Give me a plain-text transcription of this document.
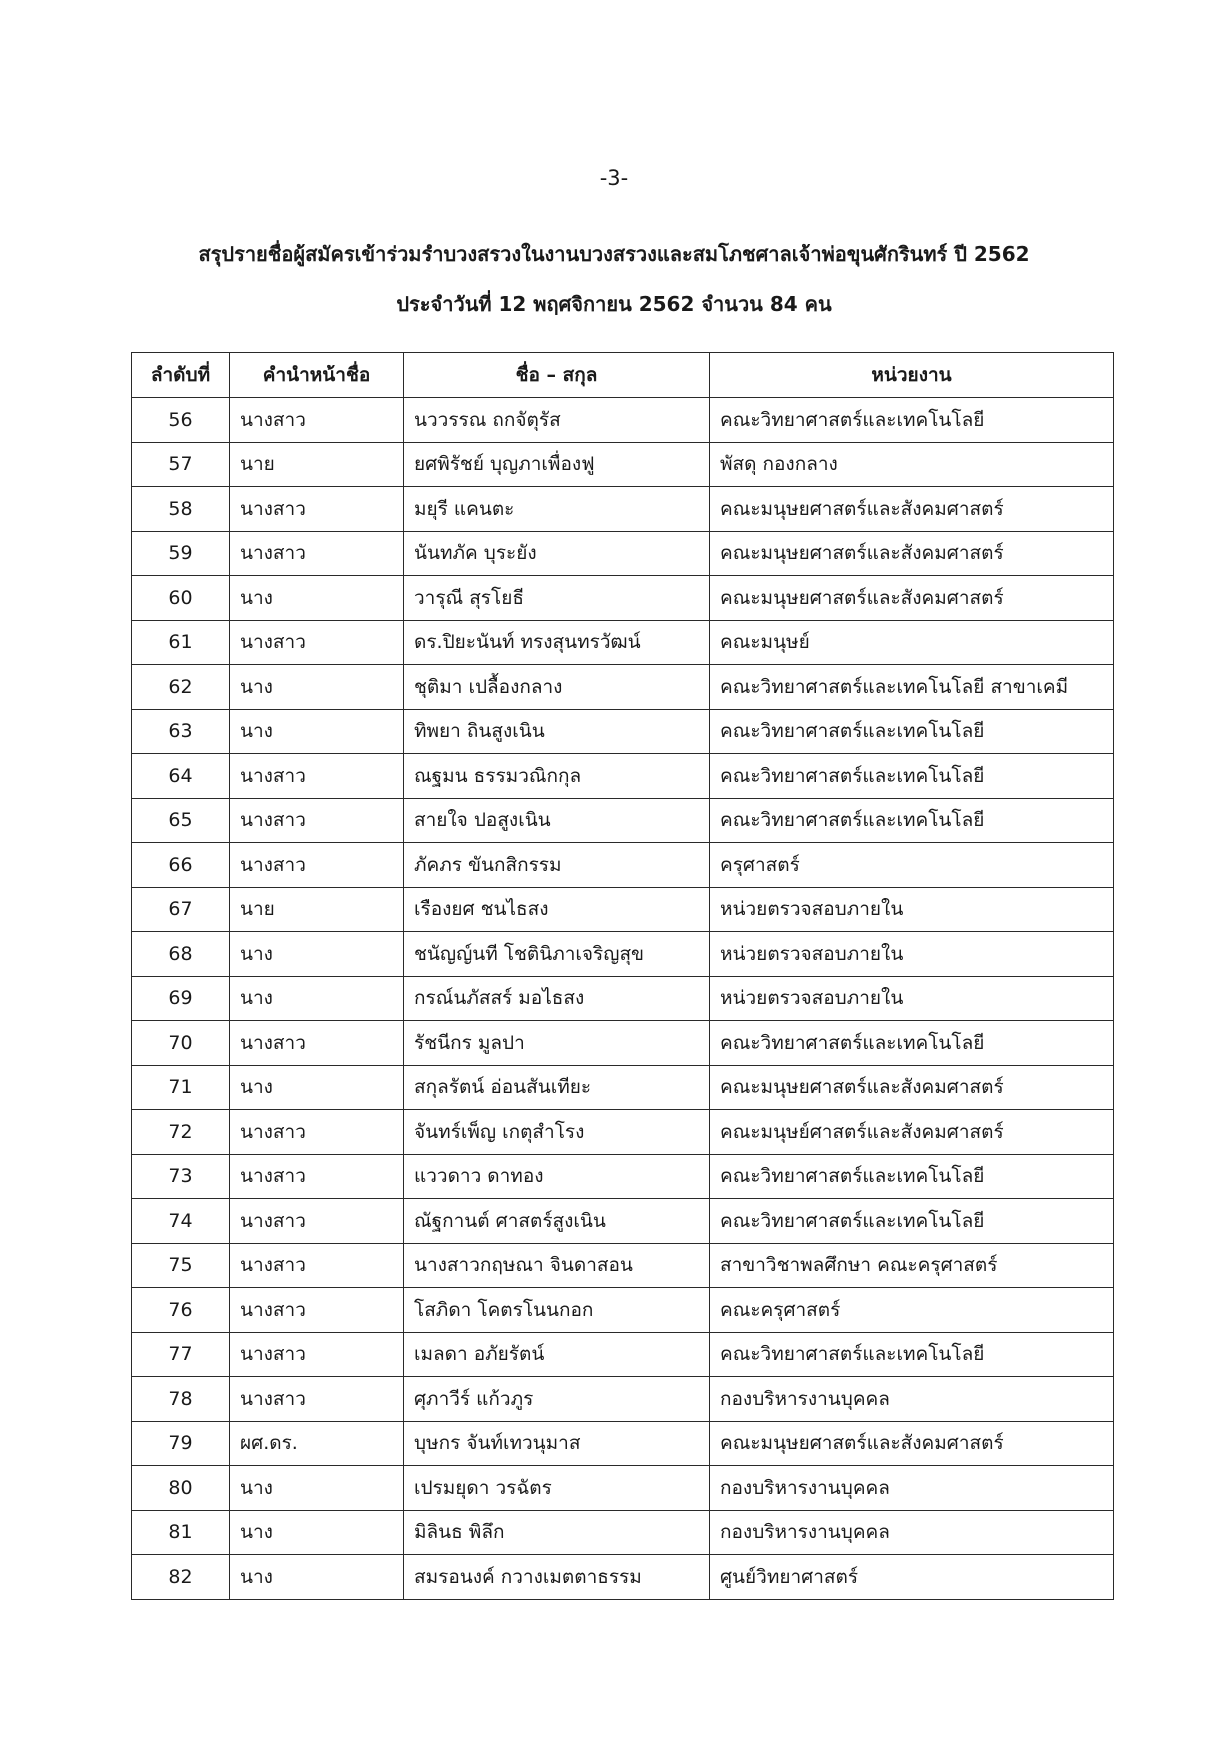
-3-
สรุปรายชื่อผู้สมัครเข้าร่วมรำบวงสรวงในงานบวงสรวงและสมโภชศาลเจ้าพ่อขุนศักรินทร์ ปี 2562
ประจำวันที่ 12 พฤศจิกายน 2562 จำนวน 84 คน
ลำดับที่	คำนำหน้าชื่อ	ชื่อ – สกุล	หน่วยงาน
56	นางสาว	นววรรณ ถกจัตุรัส	คณะวิทยาศาสตร์และเทคโนโลยี
57	นาย	ยศพิรัชย์ บุญภาเพื่องฟู	พัสดุ กองกลาง
58	นางสาว	มยุรี แคนตะ	คณะมนุษยศาสตร์และสังคมศาสตร์
59	นางสาว	นันทภัค บุระยัง	คณะมนุษยศาสตร์และสังคมศาสตร์
60	นาง	วารุณี สุรโยธี	คณะมนุษยศาสตร์และสังคมศาสตร์
61	นางสาว	ดร.ปิยะนันท์ ทรงสุนทรวัฒน์	คณะมนุษย์
62	นาง	ชุติมา เปลื้องกลาง	คณะวิทยาศาสตร์และเทคโนโลยี สาขาเคมี
63	นาง	ทิพยา ถินสูงเนิน	คณะวิทยาศาสตร์และเทคโนโลยี
64	นางสาว	ณฐมน ธรรมวณิกกุล	คณะวิทยาศาสตร์และเทคโนโลยี
65	นางสาว	สายใจ ปอสูงเนิน	คณะวิทยาศาสตร์และเทคโนโลยี
66	นางสาว	ภัคภร ขันกสิกรรม	ครุศาสตร์
67	นาย	เรืองยศ ชนไธสง	หน่วยตรวจสอบภายใน
68	นาง	ชนัญญ์นที โชตินิภาเจริญสุข	หน่วยตรวจสอบภายใน
69	นาง	กรณ์นภัสสร์ มอไธสง	หน่วยตรวจสอบภายใน
70	นางสาว	รัชนีกร มูลปา	คณะวิทยาศาสตร์และเทคโนโลยี
71	นาง	สกุลรัตน์ อ่อนสันเทียะ	คณะมนุษยศาสตร์และสังคมศาสตร์
72	นางสาว	จันทร์เพ็ญ เกตุสำโรง	คณะมนุษย์ศาสตร์และสังคมศาสตร์
73	นางสาว	แววดาว ดาทอง	คณะวิทยาศาสตร์และเทคโนโลยี
74	นางสาว	ณัฐกานต์ ศาสตร์สูงเนิน	คณะวิทยาศาสตร์และเทคโนโลยี
75	นางสาว	นางสาวกฤษณา จินดาสอน	สาขาวิชาพลศึกษา คณะครุศาสตร์
76	นางสาว	โสภิดา โคตรโนนกอก	คณะครุศาสตร์
77	นางสาว	เมลดา อภัยรัตน์	คณะวิทยาศาสตร์และเทคโนโลยี
78	นางสาว	ศุภาวีร์ แก้วภูร	กองบริหารงานบุคคล
79	ผศ.ดร.	บุษกร จันท์เทวนุมาส	คณะมนุษยศาสตร์และสังคมศาสตร์
80	นาง	เปรมยุดา วรฉัตร	กองบริหารงานบุคคล
81	นาง	มิลินธ พิลึก	กองบริหารงานบุคคล
82	นาง	สมรอนงค์ กวางเมตตาธรรม	ศูนย์วิทยาศาสตร์
